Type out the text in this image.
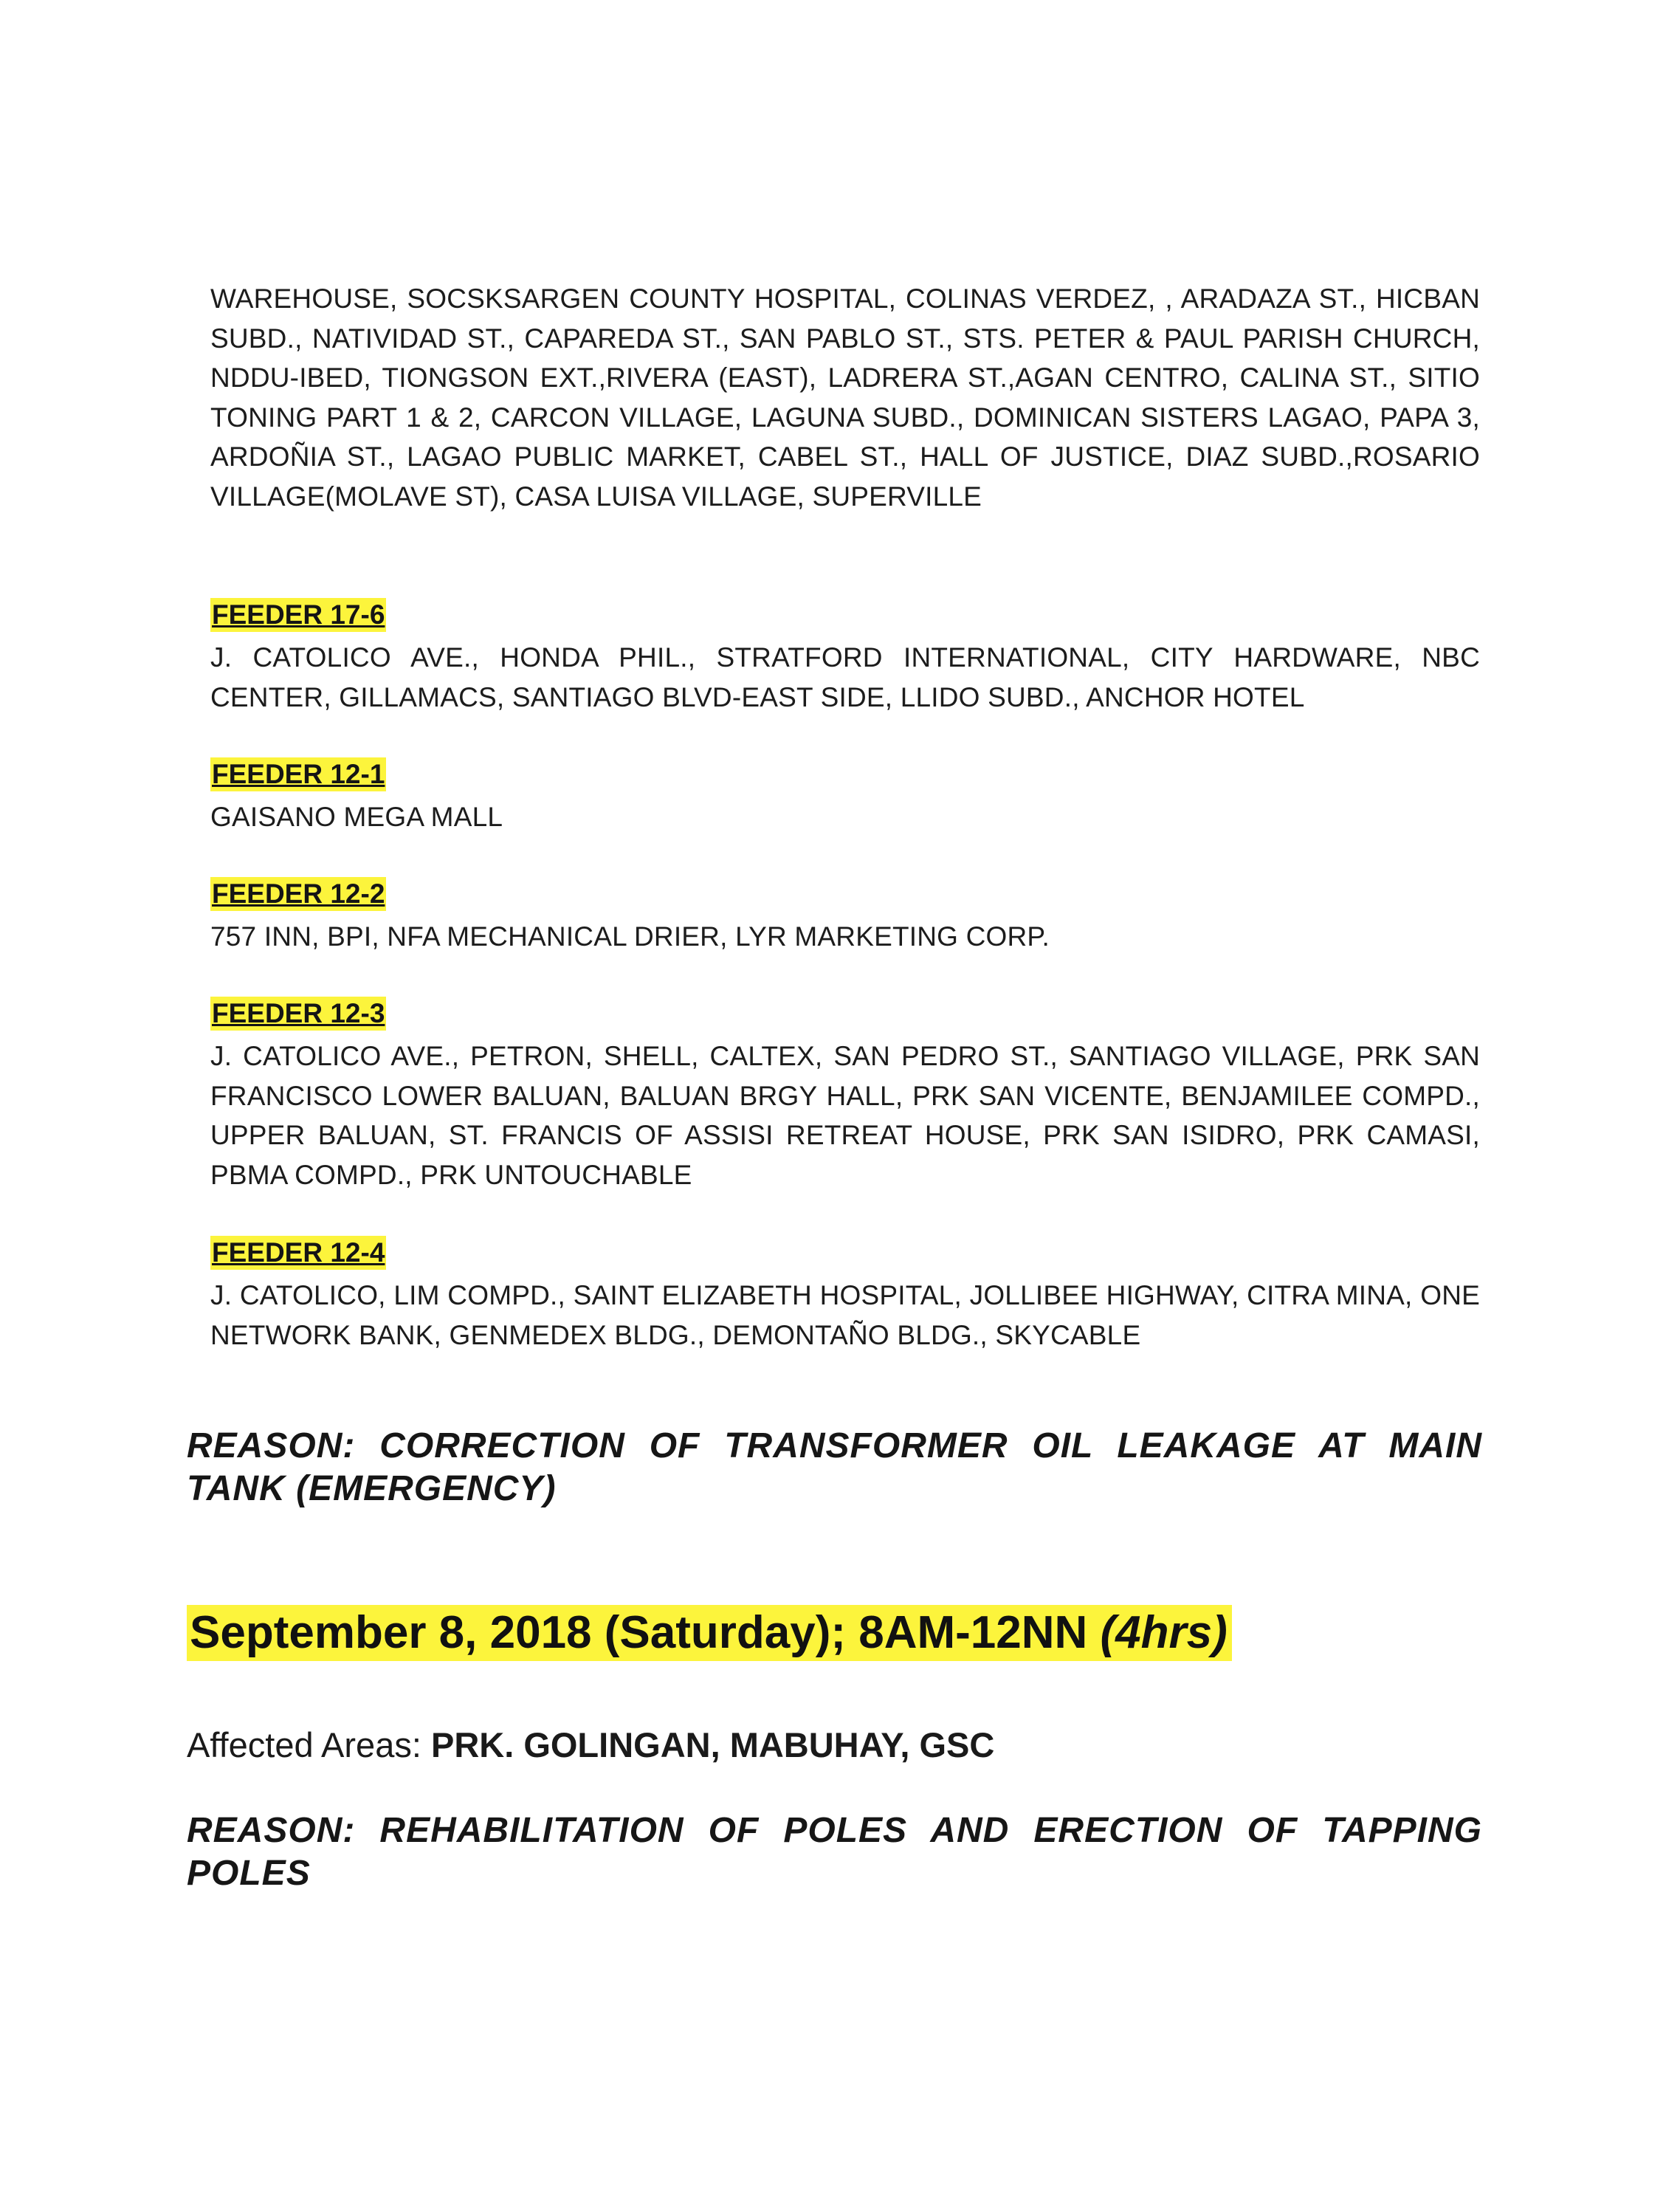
WAREHOUSE, SOCSKSARGEN COUNTY HOSPITAL, COLINAS VERDEZ, , ARADAZA ST., HICBAN SUBD., NATIVIDAD ST., CAPAREDA ST., SAN PABLO ST., STS. PETER & PAUL PARISH CHURCH, NDDU-IBED, TIONGSON EXT.,RIVERA (EAST), LADRERA ST.,AGAN CENTRO, CALINA ST., SITIO TONING PART 1 & 2, CARCON VILLAGE, LAGUNA SUBD., DOMINICAN SISTERS LAGAO, PAPA 3, ARDOÑIA ST., LAGAO PUBLIC MARKET, CABEL ST., HALL OF JUSTICE, DIAZ SUBD.,ROSARIO VILLAGE(MOLAVE ST), CASA LUISA VILLAGE, SUPERVILLE
FEEDER 17-6
J. CATOLICO AVE., HONDA PHIL., STRATFORD INTERNATIONAL, CITY HARDWARE, NBC CENTER, GILLAMACS, SANTIAGO BLVD-EAST SIDE, LLIDO SUBD., ANCHOR HOTEL
FEEDER 12-1
GAISANO MEGA MALL
FEEDER 12-2
757 INN, BPI, NFA MECHANICAL DRIER, LYR MARKETING CORP.
FEEDER 12-3
J. CATOLICO AVE., PETRON, SHELL, CALTEX, SAN PEDRO ST., SANTIAGO VILLAGE, PRK SAN FRANCISCO LOWER BALUAN, BALUAN BRGY HALL, PRK SAN VICENTE, BENJAMILEE COMPD., UPPER BALUAN, ST. FRANCIS OF ASSISI RETREAT HOUSE, PRK SAN ISIDRO, PRK CAMASI, PBMA COMPD., PRK UNTOUCHABLE
FEEDER 12-4
J. CATOLICO, LIM COMPD., SAINT ELIZABETH HOSPITAL, JOLLIBEE HIGHWAY, CITRA MINA, ONE NETWORK BANK, GENMEDEX BLDG., DEMONTAÑO BLDG., SKYCABLE
REASON: CORRECTION OF TRANSFORMER OIL LEAKAGE AT MAIN TANK (EMERGENCY)
September 8, 2018 (Saturday); 8AM-12NN (4hrs)
Affected Areas: PRK. GOLINGAN, MABUHAY, GSC
REASON: REHABILITATION OF POLES AND ERECTION OF TAPPING POLES
